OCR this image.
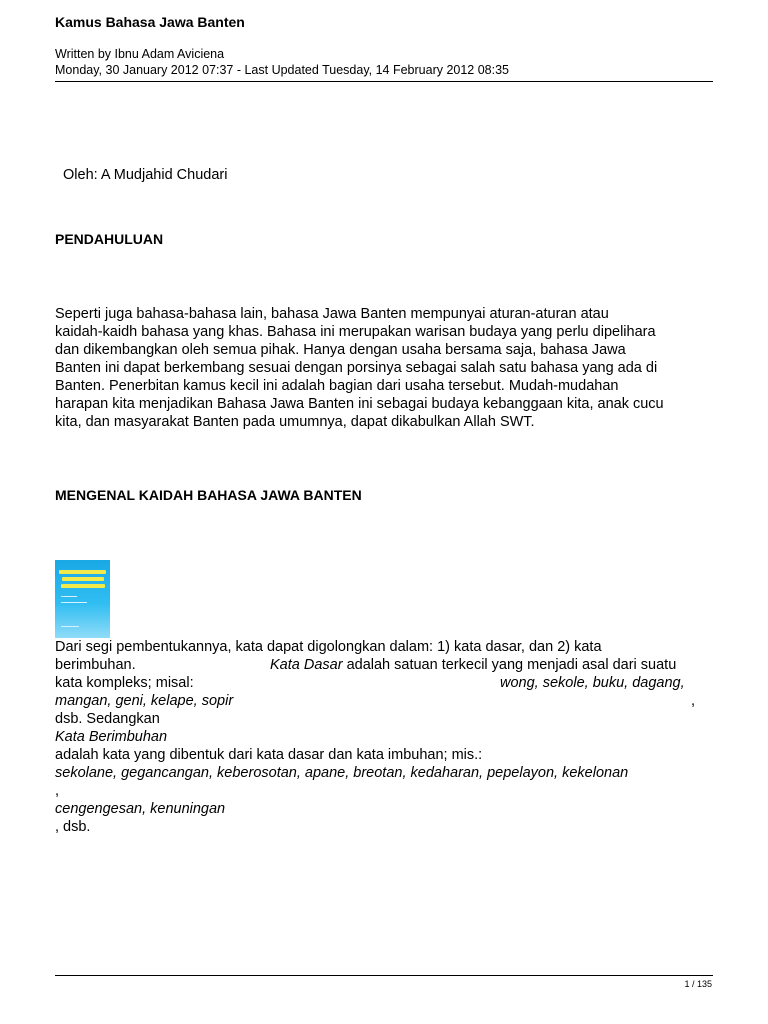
Kamus Bahasa Jawa Banten
Written by Ibnu Adam Aviciena
Monday, 30 January 2012 07:37 - Last Updated Tuesday, 14 February 2012 08:35
Oleh: A Mudjahid Chudari
PENDAHULUAN
Seperti juga bahasa-bahasa lain, bahasa Jawa Banten mempunyai aturan-aturan atau
kaidah-kaidh bahasa yang khas. Bahasa ini merupakan warisan budaya yang perlu dipelihara
dan dikembangkan oleh semua pihak. Hanya dengan usaha bersama saja, bahasa Jawa
Banten ini dapat berkembang sesuai dengan porsinya sebagai salah satu bahasa yang ada di
Banten. Penerbitan kamus kecil ini adalah bagian dari usaha tersebut. Mudah-mudahan
harapan kita menjadikan Bahasa Jawa Banten ini sebagai budaya kebanggaan kita, anak cucu
kita, dan masyarakat Banten pada umumnya, dapat dikabulkan Allah SWT.
MENGENAL KAIDAH BAHASA JAWA BANTEN
Dari segi pembentukannya, kata dapat digolongkan dalam: 1) kata dasar, dan 2) kata
berimbuhan.	Kata Dasar adalah satuan terkecil yang menjadi asal dari suatu
kata kompleks; misal:	wong, sekole, buku, dagang,
mangan, geni, kelape, sopir	,
dsb. Sedangkan
Kata Berimbuhan
adalah kata yang dibentuk dari kata dasar dan kata imbuhan; mis.:
sekolane, gegancangan, keberosotan, apane, breotan, kedaharan, pepelayon, kekelonan
,
cengengesan, kenuningan
, dsb.
1 / 135
